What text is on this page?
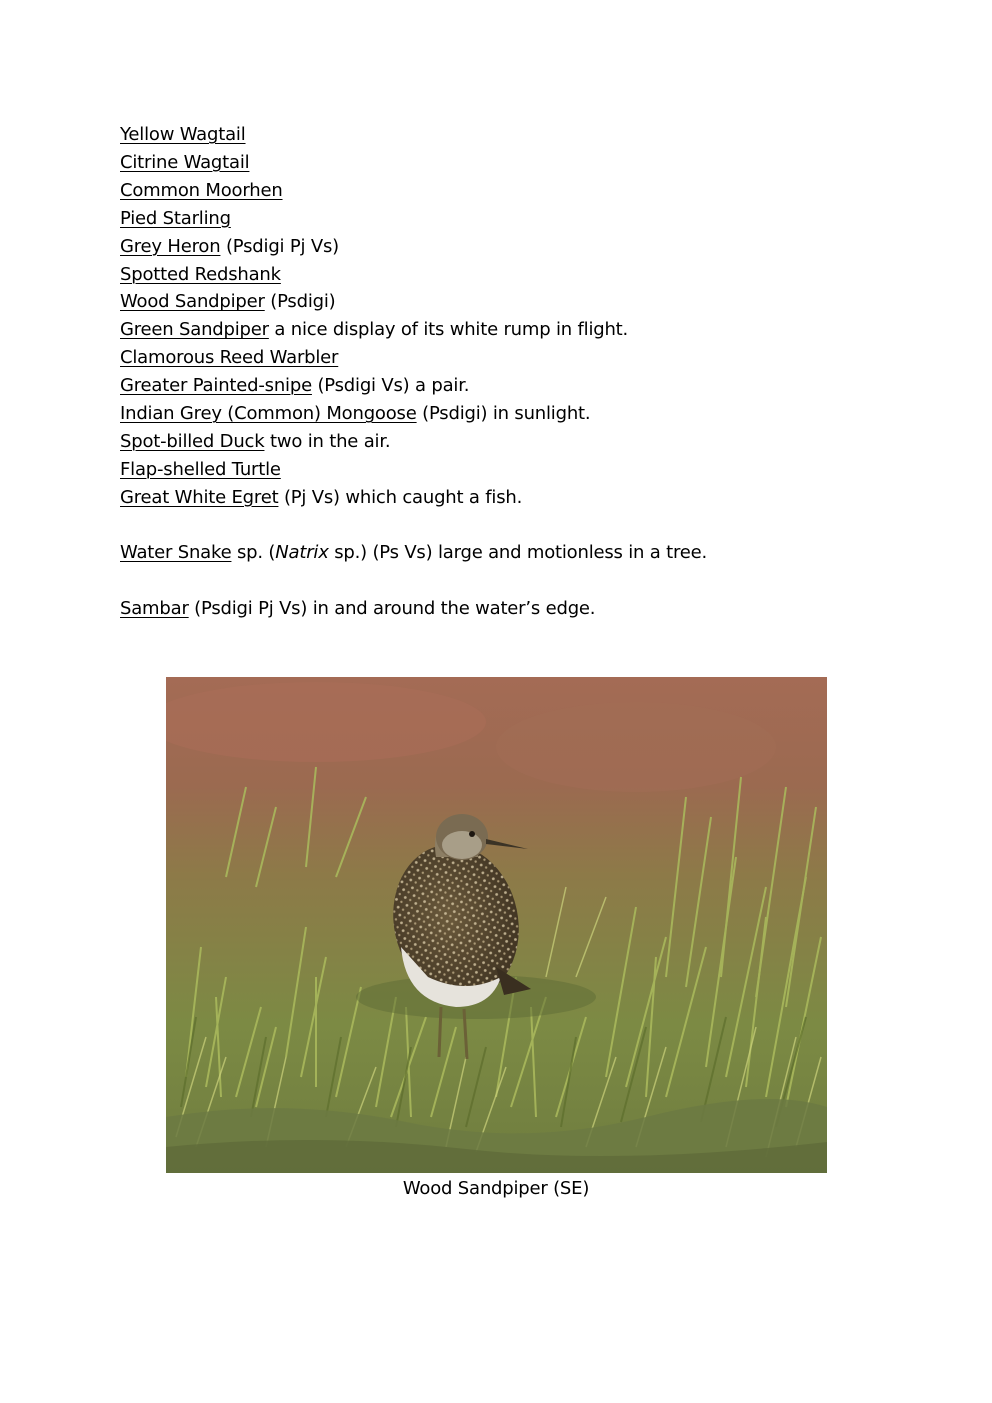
Yellow Wagtail
Citrine Wagtail
Common Moorhen
Pied Starling
Grey Heron (Psdigi Pj Vs)
Spotted Redshank
Wood Sandpiper (Psdigi)
Green Sandpiper a nice display of its white rump in flight.
Clamorous Reed Warbler
Greater Painted-snipe (Psdigi Vs) a pair.
Indian Grey (Common) Mongoose (Psdigi) in sunlight.
Spot-billed Duck two in the air.
Flap-shelled Turtle
Great White Egret (Pj Vs) which caught a fish.

Water Snake sp. (Natrix sp.) (Ps Vs) large and motionless in a tree.

Sambar (Psdigi Pj Vs) in and around the water’s edge.

Wood Sandpiper (SE)
